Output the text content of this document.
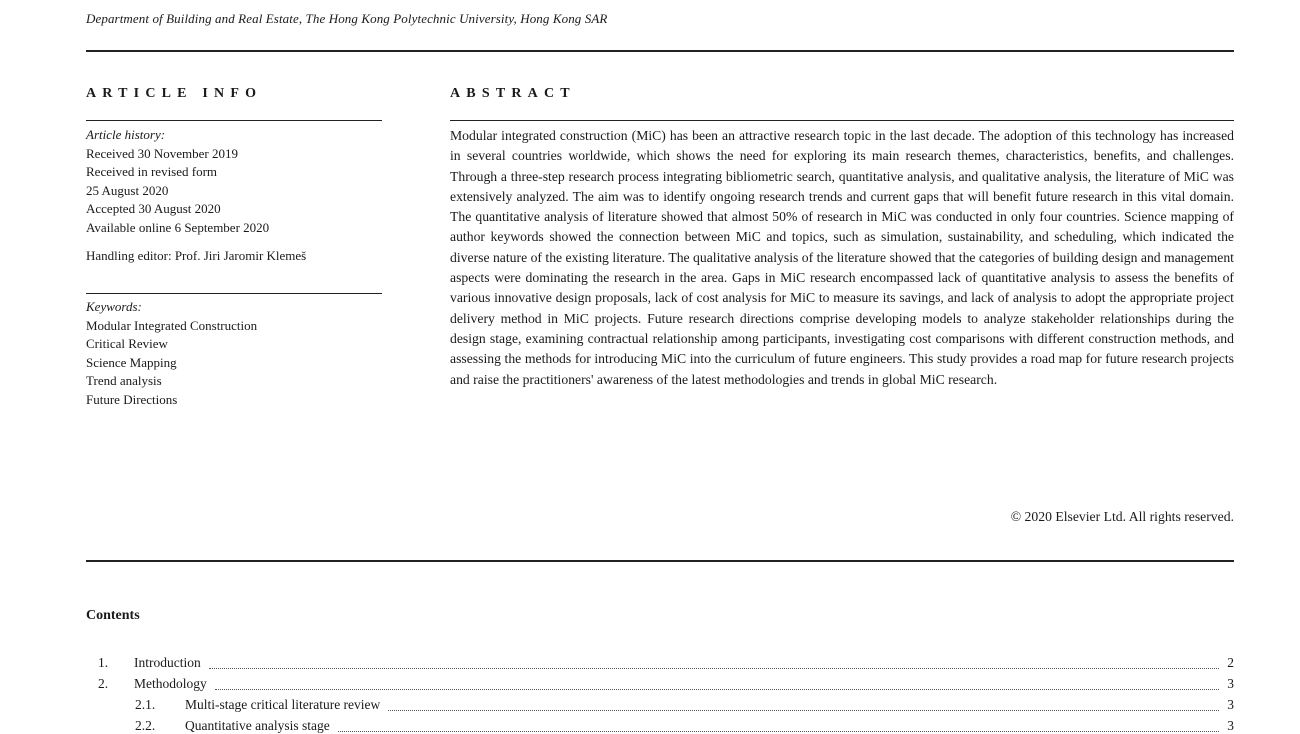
Department of Building and Real Estate, The Hong Kong Polytechnic University, Hong Kong SAR
ARTICLE INFO
Article history:
Received 30 November 2019
Received in revised form
25 August 2020
Accepted 30 August 2020
Available online 6 September 2020
Handling editor: Prof. Jiri Jaromir Klemeš
Keywords:
Modular Integrated Construction
Critical Review
Science Mapping
Trend analysis
Future Directions
ABSTRACT

Modular integrated construction (MiC) has been an attractive research topic in the last decade. The adoption of this technology has increased in several countries worldwide, which shows the need for exploring its main research themes, characteristics, benefits, and challenges. Through a three-step research process integrating bibliometric search, quantitative analysis, and qualitative analysis, the literature of MiC was extensively analyzed. The aim was to identify ongoing research trends and current gaps that will benefit future research in this vital domain. The quantitative analysis of literature showed that almost 50% of research in MiC was conducted in only four countries. Science mapping of author keywords showed the connection between MiC and topics, such as simulation, sustainability, and scheduling, which indicated the diverse nature of the existing literature. The qualitative analysis of the literature showed that the categories of building design and management aspects were dominating the research in the area. Gaps in MiC research encompassed lack of quantitative analysis to assess the benefits of various innovative design proposals, lack of cost analysis for MiC to measure its savings, and lack of analysis to adopt the appropriate project delivery method in MiC projects. Future research directions comprise developing models to analyze stakeholder relationships during the design stage, examining contractual relationship among participants, investigating cost comparisons with different construction methods, and assessing the methods for introducing MiC into the curriculum of future engineers. This study provides a road map for future research projects and raise the practitioners' awareness of the latest methodologies and trends in global MiC research.

© 2020 Elsevier Ltd. All rights reserved.
Contents
1.	Introduction	2
2.	Methodology	3
2.1.	Multi-stage critical literature review	3
2.2.	Quantitative analysis stage	3
